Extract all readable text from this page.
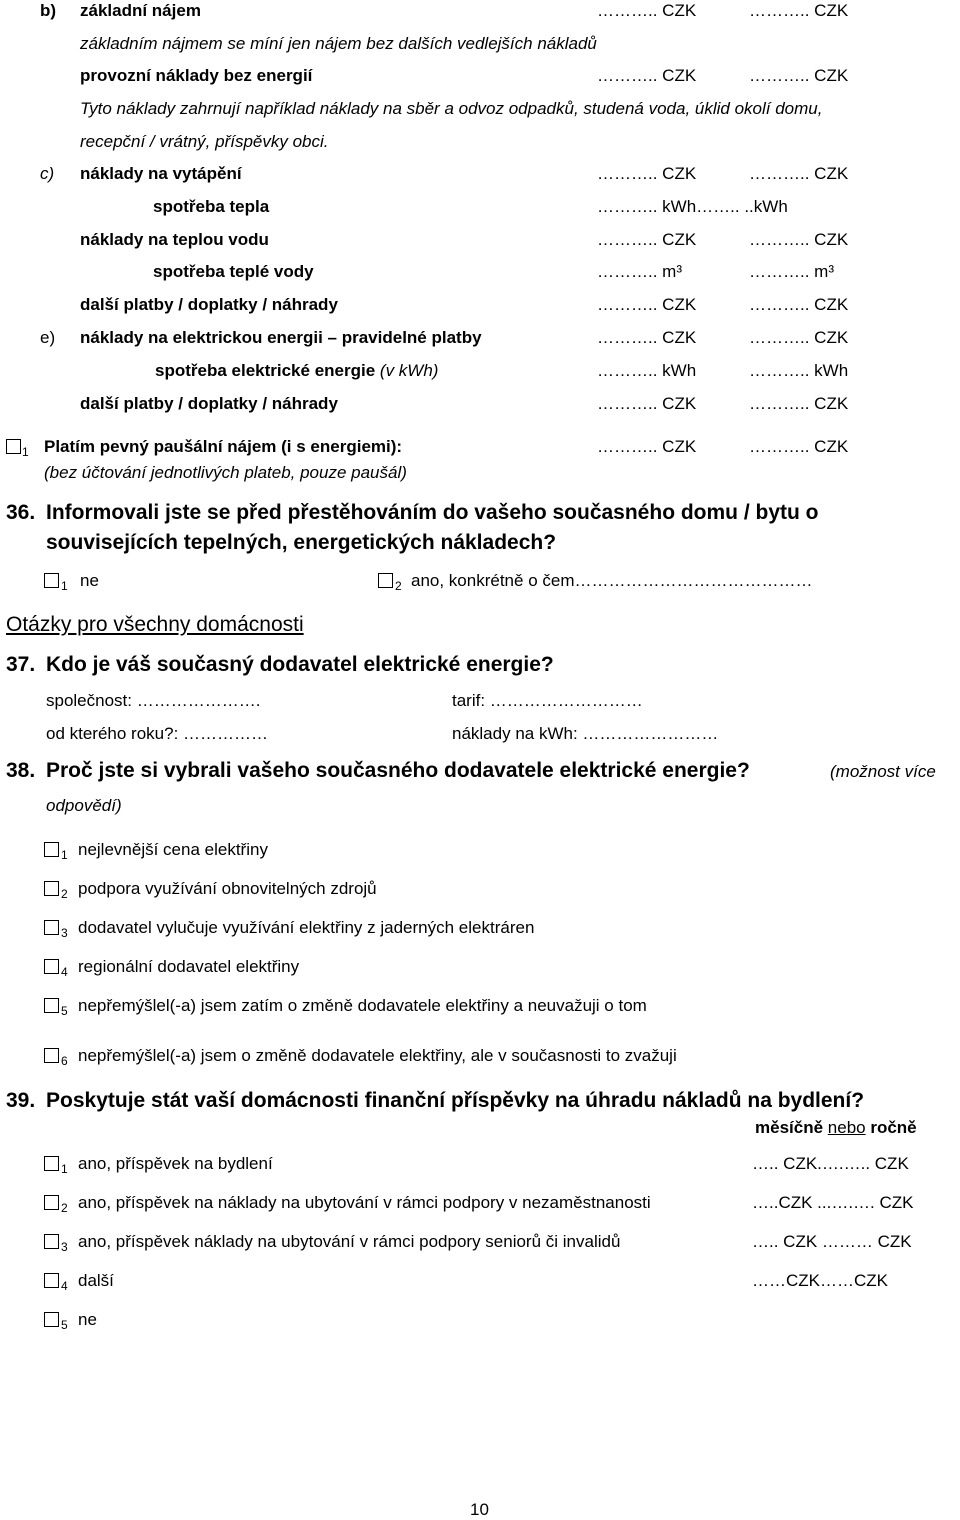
b) základní nájem	……….. CZK	……….. CZK
základním nájmem se míní jen nájem bez dalších vedlejších nákladů
provozní náklady bez energií	……….. CZK	……….. CZK
Tyto náklady zahrnují například náklady na sběr a odvoz odpadků, studená voda, úklid okolí domu,
recepční / vrátný, příspěvky obci.
c) náklady na vytápění	……….. CZK	……….. CZK
spotřeba tepla	……….. kWh…….. ..kWh
náklady na teplou vodu	……….. CZK	……….. CZK
spotřeba teplé vody	……….. m³	……….. m³
další platby / doplatky / náhrady	……….. CZK	……….. CZK
e) náklady na elektrickou energii – pravidelné platby	……….. CZK	……….. CZK
spotřeba elektrické energie (v kWh)	……….. kWh	……….. kWh
další platby / doplatky / náhrady	……….. CZK	……….. CZK
1 Platím pevný paušální nájem (i s energiemi):	……….. CZK	……….. CZK
(bez účtování jednotlivých plateb, pouze paušál)
36. Informovali jste se před přestěhováním do vašeho současného domu / bytu o
souvisejících tepelných, energetických nákladech?
1 ne	2 ano, konkrétně o čem……………………………………
Otázky pro všechny domácnosti
37. Kdo je váš současný dodavatel elektrické energie?
společnost: ………………….	tarif: ………………………
od kterého roku?: ……………	náklady na kWh: ……………………
38. Proč jste si vybrali vašeho současného dodavatele elektrické energie?	(možnost více
odpovědí)
1 nejlevnější cena elektřiny
2 podpora využívání obnovitelných zdrojů
3 dodavatel vylučuje využívání elektřiny z jaderných elektráren
4 regionální dodavatel elektřiny
5 nepřemýšlel(-a) jsem zatím o změně dodavatele elektřiny a neuvažuji o tom
6 nepřemýšlel(-a) jsem o změně dodavatele elektřiny, ale v současnosti to zvažuji
39. Poskytuje stát vaší domácnosti finanční příspěvky na úhradu nákladů na bydlení?
měsíčně nebo ročně
1 ano, příspěvek na bydlení	….. CZK.….….. CZK
2 ano, příspěvek na náklady na ubytování v rámci podpory v nezaměstnanosti	…..CZK ...….…. CZK
3 ano, příspěvek náklady na ubytování v rámci podpory seniorů či invalidů	….. CZK ……… CZK
4 další	……CZK……CZK
5 ne
10
